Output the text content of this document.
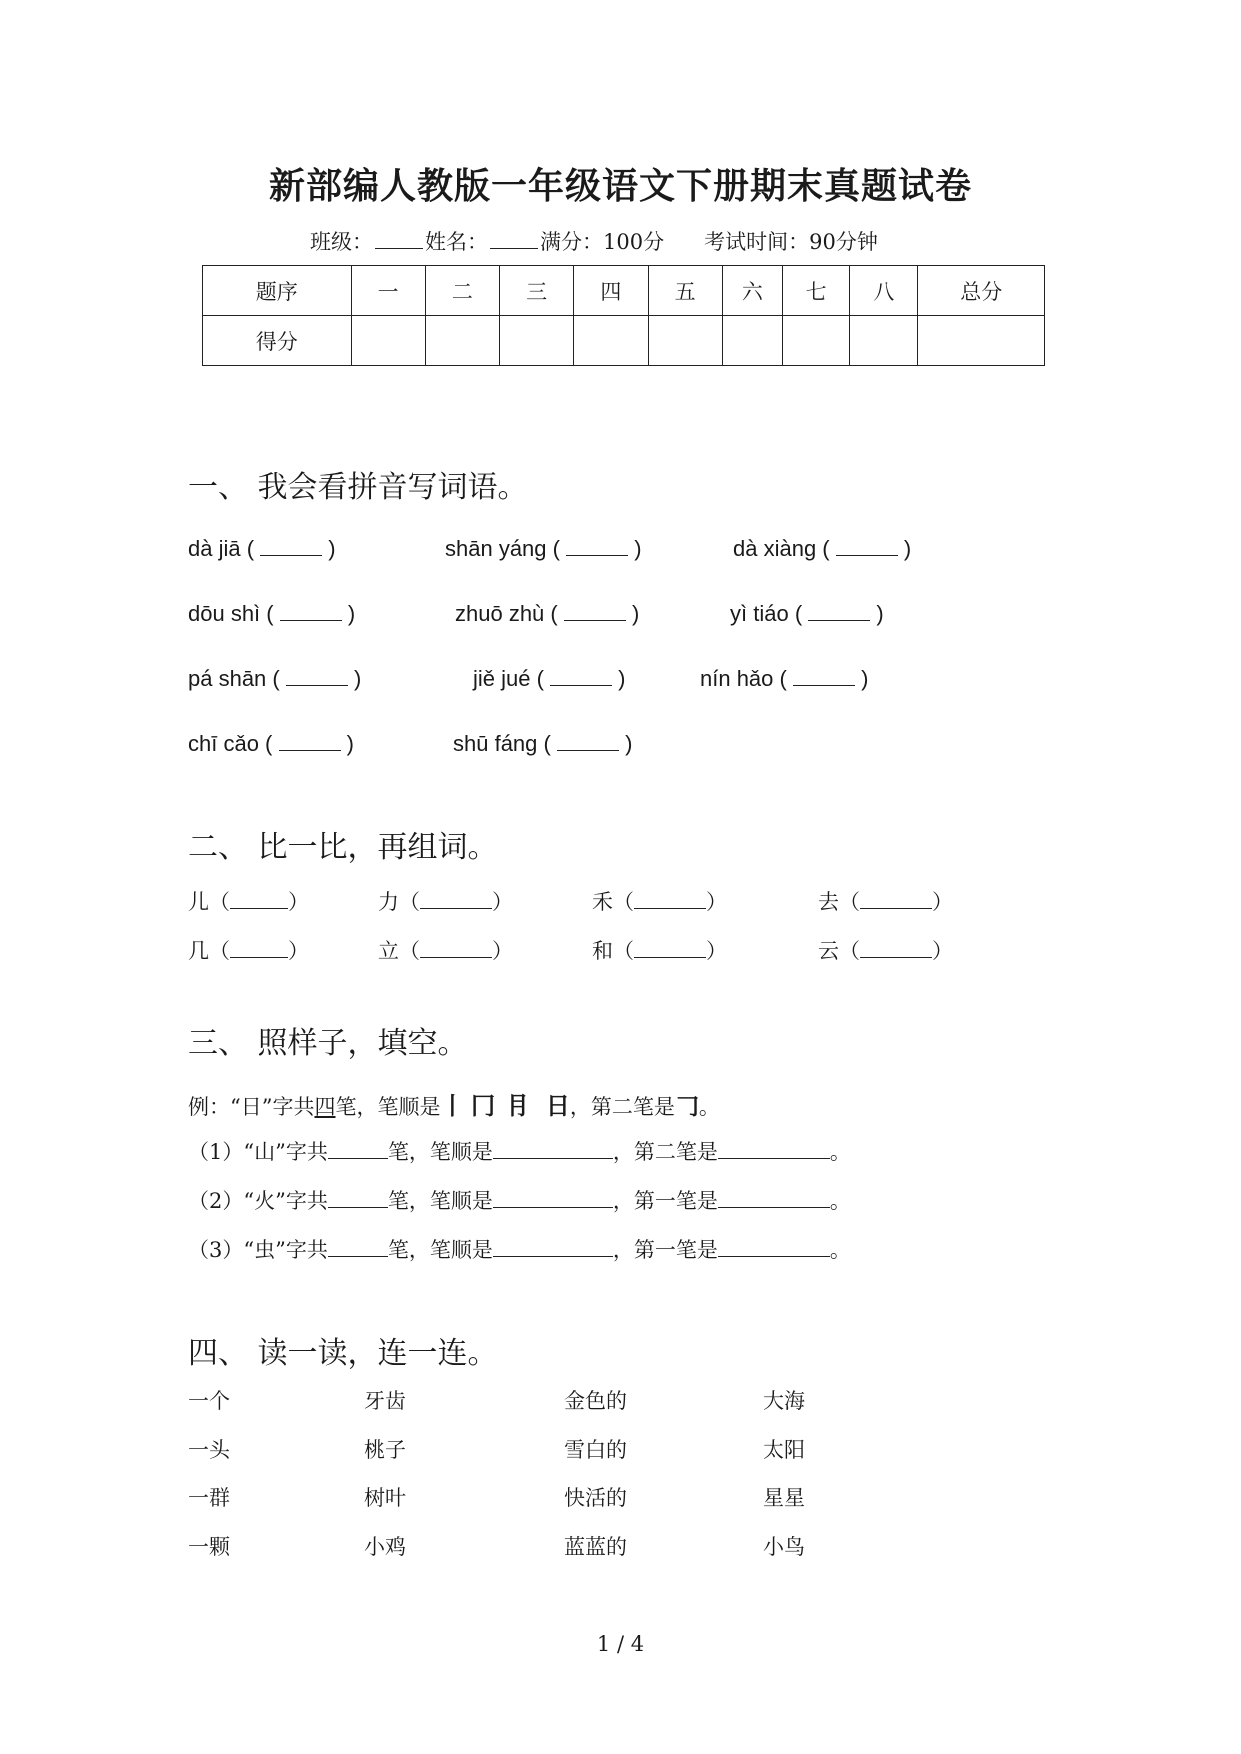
新部编人教版一年级语文下册期末真题试卷
班级： 姓名： 满分：100分 考试时间：90分钟
题序	一	二	三	四	五	六	七	八	总分
得分									
一、 我会看拼音写词语。
dà jiā (	)	shān yáng (	)	dà xiàng (	)
dōu shì (	)	zhuō zhù (	)	yì tiáo (	)
pá shān (	)	jiě jué (	)	nín hǎo (	)
chī cǎo (	)	shū fáng (	)
二、 比一比，再组词。
儿（	）	力（	）	禾（	）	去（	）
几（	）	立（	）	和（	）	云（	）
三、 照样子，填空。
例：“日”字共四笔，笔顺是丨 冂 ⺝ 日，第二笔是𠃌。
（1）“山”字共	笔，笔顺是	，第二笔是	。
（2）“火”字共	笔，笔顺是	，第一笔是	。
（3）“虫”字共	笔，笔顺是	，第一笔是	。
四、 读一读，连一连。
一个	牙齿	金色的	大海
一头	桃子	雪白的	太阳
一群	树叶	快活的	星星
一颗	小鸡	蓝蓝的	小鸟
1 / 4
